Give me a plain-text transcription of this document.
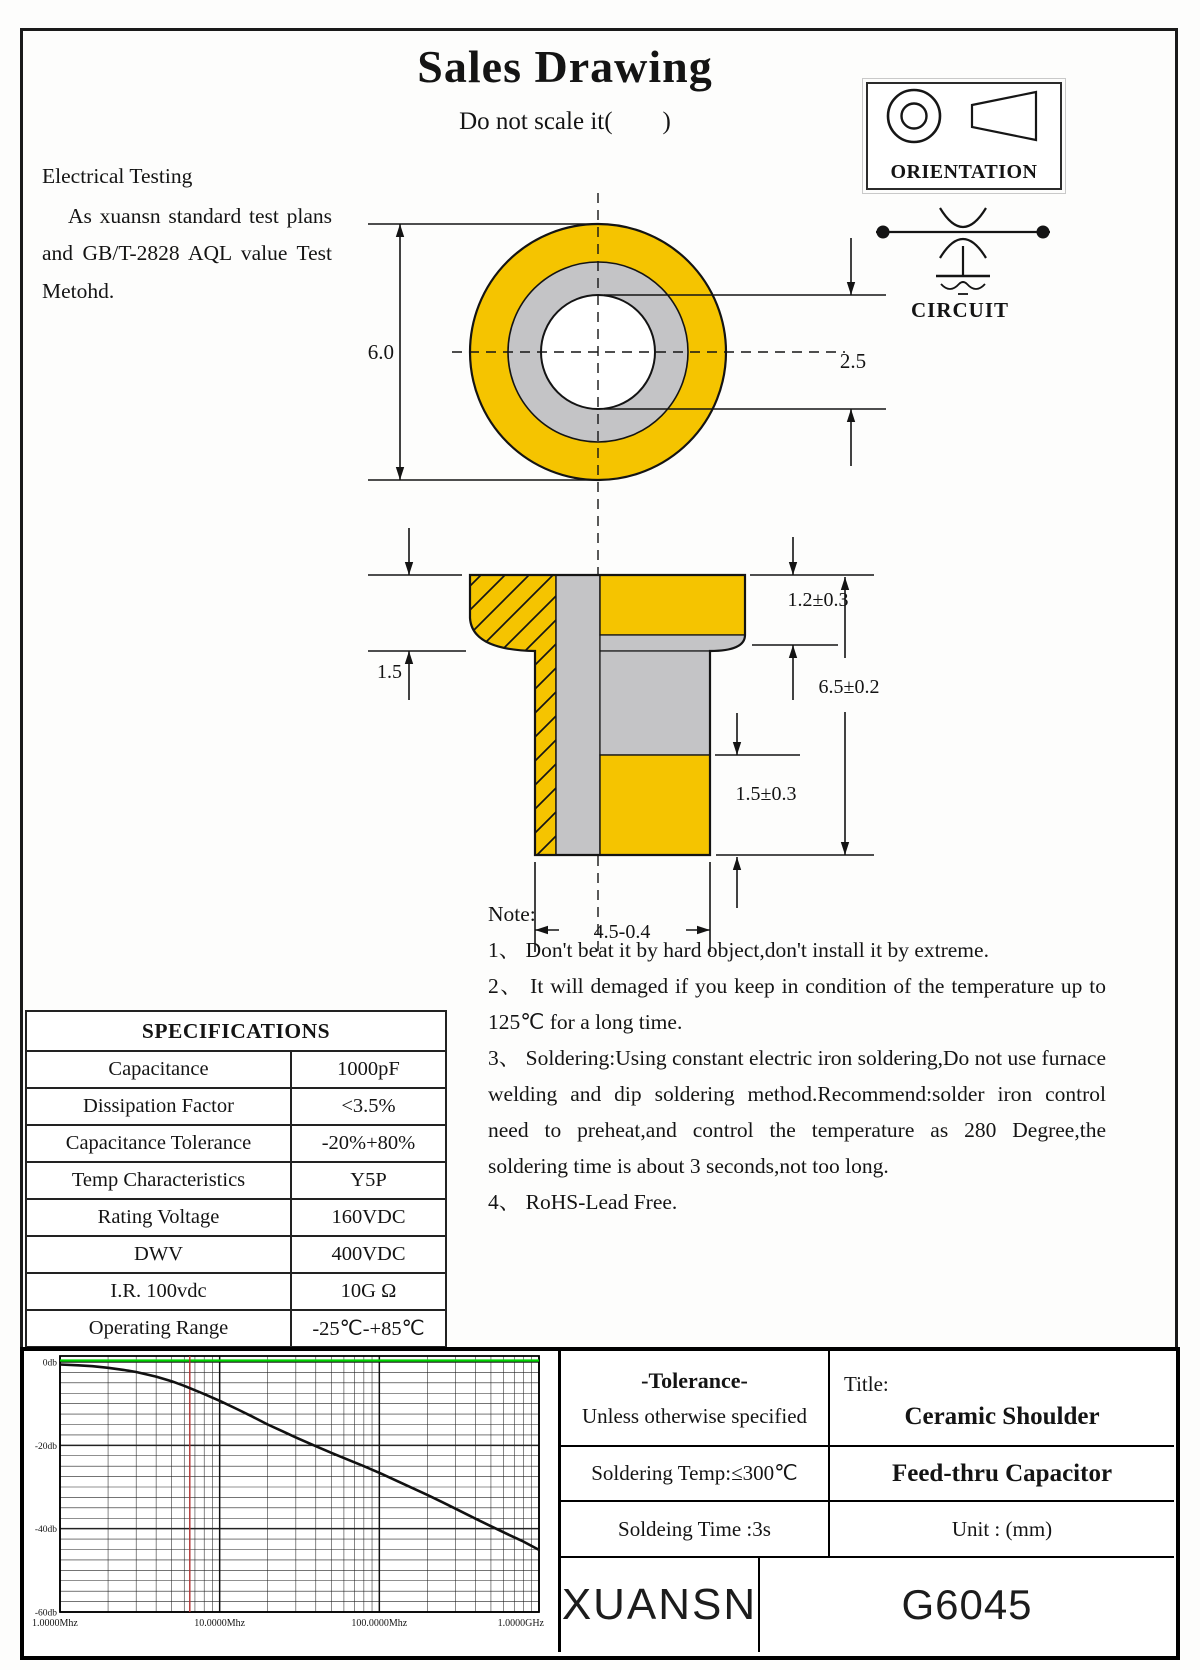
Sales Drawing
Do not scale it(        )
Electrical Testing
As xuansn standard test plans and GB/T-2828 AQL value Test Metohd.
ORIENTATION
CIRCUIT
6.0	2.5
1.5
1.2±0.3
6.5±0.2
1.5±0.3
4.5-0.4

Note:

1、 Don't beat it by hard object,don't install it by extreme.

2、 It will demaged if you keep in condition of the temperature up to 125℃ for a long time.

3、 Soldering:Using constant electric iron soldering,Do not use furnace welding and dip soldering method.Recommend:solder iron control need to preheat,and control the temperature as 280 Degree,the soldering time is about 3 seconds,not too long.

4、 RoHS-Lead Free.

SPECIFICATIONS	
Capacitance	1000pF
Dissipation Factor	<3.5%
Capacitance Tolerance	-20%+80%
Temp Characteristics	Y5P
Rating Voltage	160VDC
DWV	400VDC
I.R. 100vdc	10G Ω
Operating Range	-25℃-+85℃
0db
-20db
-40db
-60db
1.0000Mhz	10.0000Mhz	100.0000Mhz	1.0000GHz
-Tolerance-
Unless otherwise specified
Title:
Ceramic Shoulder
Soldering Temp:≤300℃	Feed-thru Capacitor
Soldeing Time :3s	Unit : (mm)
XUANSN	G6045
